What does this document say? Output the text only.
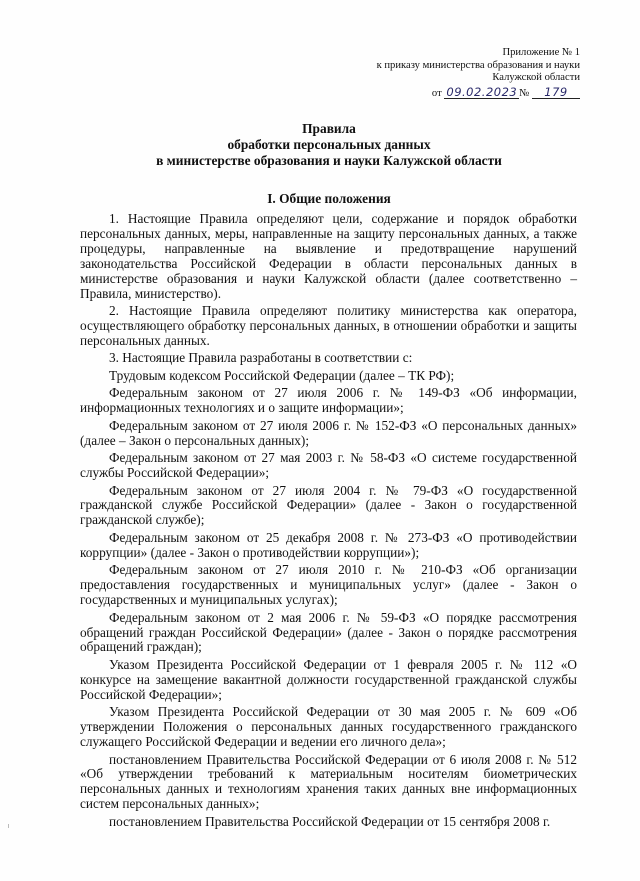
Приложение № 1
к приказу министерства образования и науки
Калужской области
от 09.02.2023 № 179
Правила
обработки персональных данных
в министерстве образования и науки Калужской области
I. Общие положения

1. Настоящие Правила определяют цели, содержание и порядок обработки персональных данных, меры, направленные на защиту персональных данных, а также процедуры, направленные на выявление и предотвращение нарушений законодательства Российской Федерации в области персональных данных в министерстве образования и науки Калужской области (далее соответственно – Правила, министерство).

2. Настоящие Правила определяют политику министерства как оператора, осуществляющего обработку персональных данных, в отношении обработки и защиты персональных данных.

3. Настоящие Правила разработаны в соответствии с:

Трудовым кодексом Российской Федерации (далее – ТК РФ);

Федеральным законом от 27 июля 2006 г. № 149-ФЗ «Об информации, информационных технологиях и о защите информации»;

Федеральным законом от 27 июля 2006 г. № 152-ФЗ «О персональных данных» (далее – Закон о персональных данных);

Федеральным законом от 27 мая 2003 г. № 58-ФЗ «О системе государственной службы Российской Федерации»;

Федеральным законом от 27 июля 2004 г. № 79-ФЗ «О государственной гражданской службе Российской Федерации» (далее - Закон о государственной гражданской службе);

Федеральным законом от 25 декабря 2008 г. № 273-ФЗ «О противодействии коррупции» (далее - Закон о противодействии коррупции»);

Федеральным законом от 27 июля 2010 г. № 210-ФЗ «Об организации предоставления государственных и муниципальных услуг» (далее - Закон о государственных и муниципальных услугах);

Федеральным законом от 2 мая 2006 г. № 59-ФЗ «О порядке рассмотрения обращений граждан Российской Федерации» (далее - Закон о порядке рассмотрения обращений граждан);

Указом Президента Российской Федерации от 1 февраля 2005 г. № 112 «О конкурсе на замещение вакантной должности государственной гражданской службы Российской Федерации»;

Указом Президента Российской Федерации от 30 мая 2005 г. № 609 «Об утверждении Положения о персональных данных государственного гражданского служащего Российской Федерации и ведении его личного дела»;

постановлением Правительства Российской Федерации от 6 июля 2008 г. № 512 «Об утверждении требований к материальным носителям биометрических персональных данных и технологиям хранения таких данных вне информационных систем персональных данных»;

постановлением Правительства Российской Федерации от 15 сентября 2008 г.
